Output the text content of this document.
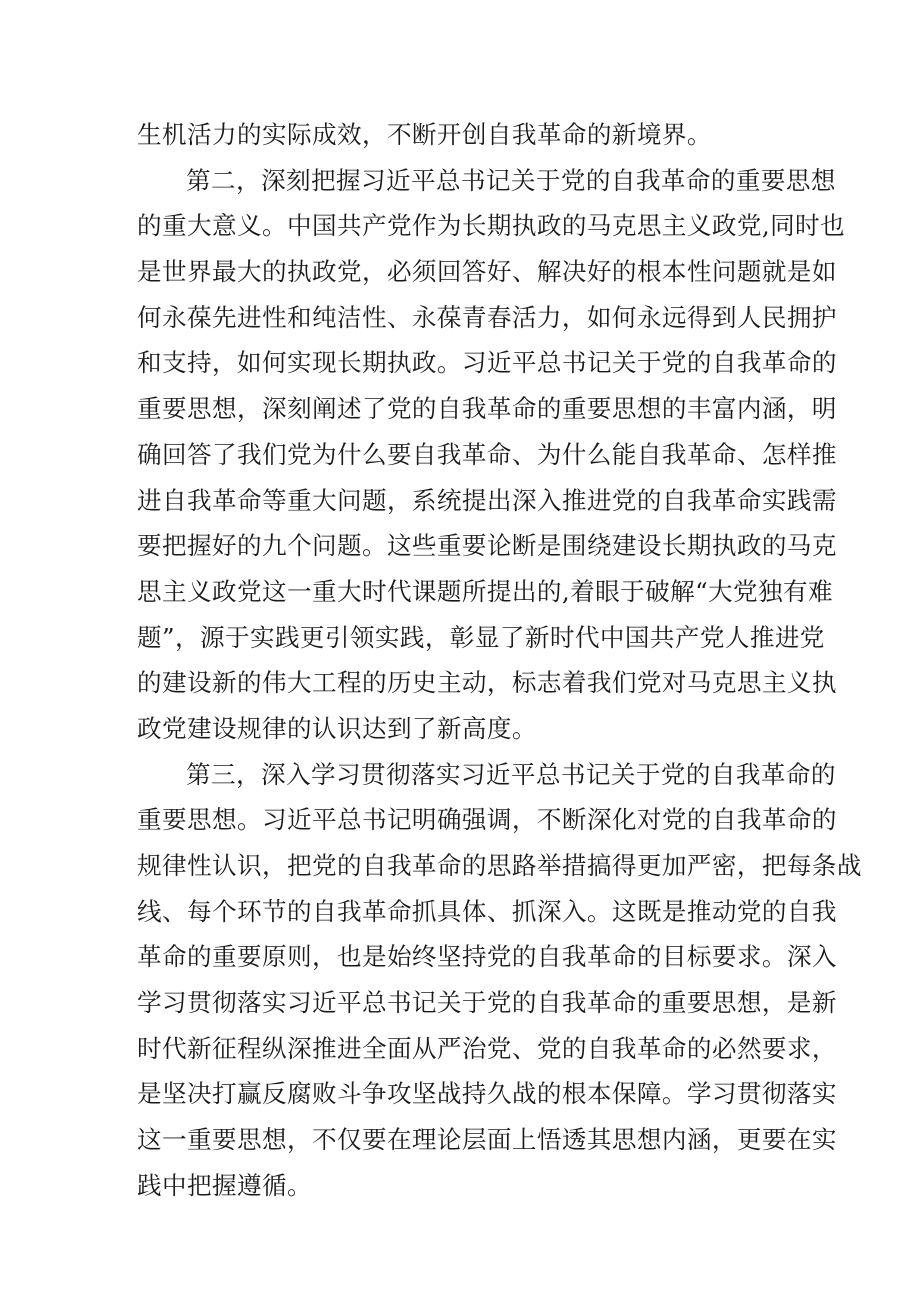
生机活力的实际成效，不断开创自我革命的新境界。

第二，深刻把握习近平总书记关于党的自我革命的重要思想
的重大意义。中国共产党作为长期执政的马克思主义政党,同时也
是世界最大的执政党，必须回答好、解决好的根本性问题就是如
何永葆先进性和纯洁性、永葆青春活力，如何永远得到人民拥护
和支持，如何实现长期执政。习近平总书记关于党的自我革命的
重要思想，深刻阐述了党的自我革命的重要思想的丰富内涵，明
确回答了我们党为什么要自我革命、为什么能自我革命、怎样推
进自我革命等重大问题，系统提出深入推进党的自我革命实践需
要把握好的九个问题。这些重要论断是围绕建设长期执政的马克
思主义政党这一重大时代课题所提出的,着眼于破解“大党独有难
题”，源于实践更引领实践，彰显了新时代中国共产党人推进党
的建设新的伟大工程的历史主动，标志着我们党对马克思主义执
政党建设规律的认识达到了新高度。

第三，深入学习贯彻落实习近平总书记关于党的自我革命的
重要思想。习近平总书记明确强调，不断深化对党的自我革命的
规律性认识，把党的自我革命的思路举措搞得更加严密，把每条战
线、每个环节的自我革命抓具体、抓深入。这既是推动党的自我
革命的重要原则，也是始终坚持党的自我革命的目标要求。深入
学习贯彻落实习近平总书记关于党的自我革命的重要思想，是新
时代新征程纵深推进全面从严治党、党的自我革命的必然要求，
是坚决打赢反腐败斗争攻坚战持久战的根本保障。学习贯彻落实
这一重要思想，不仅要在理论层面上悟透其思想内涵，更要在实
践中把握遵循。
